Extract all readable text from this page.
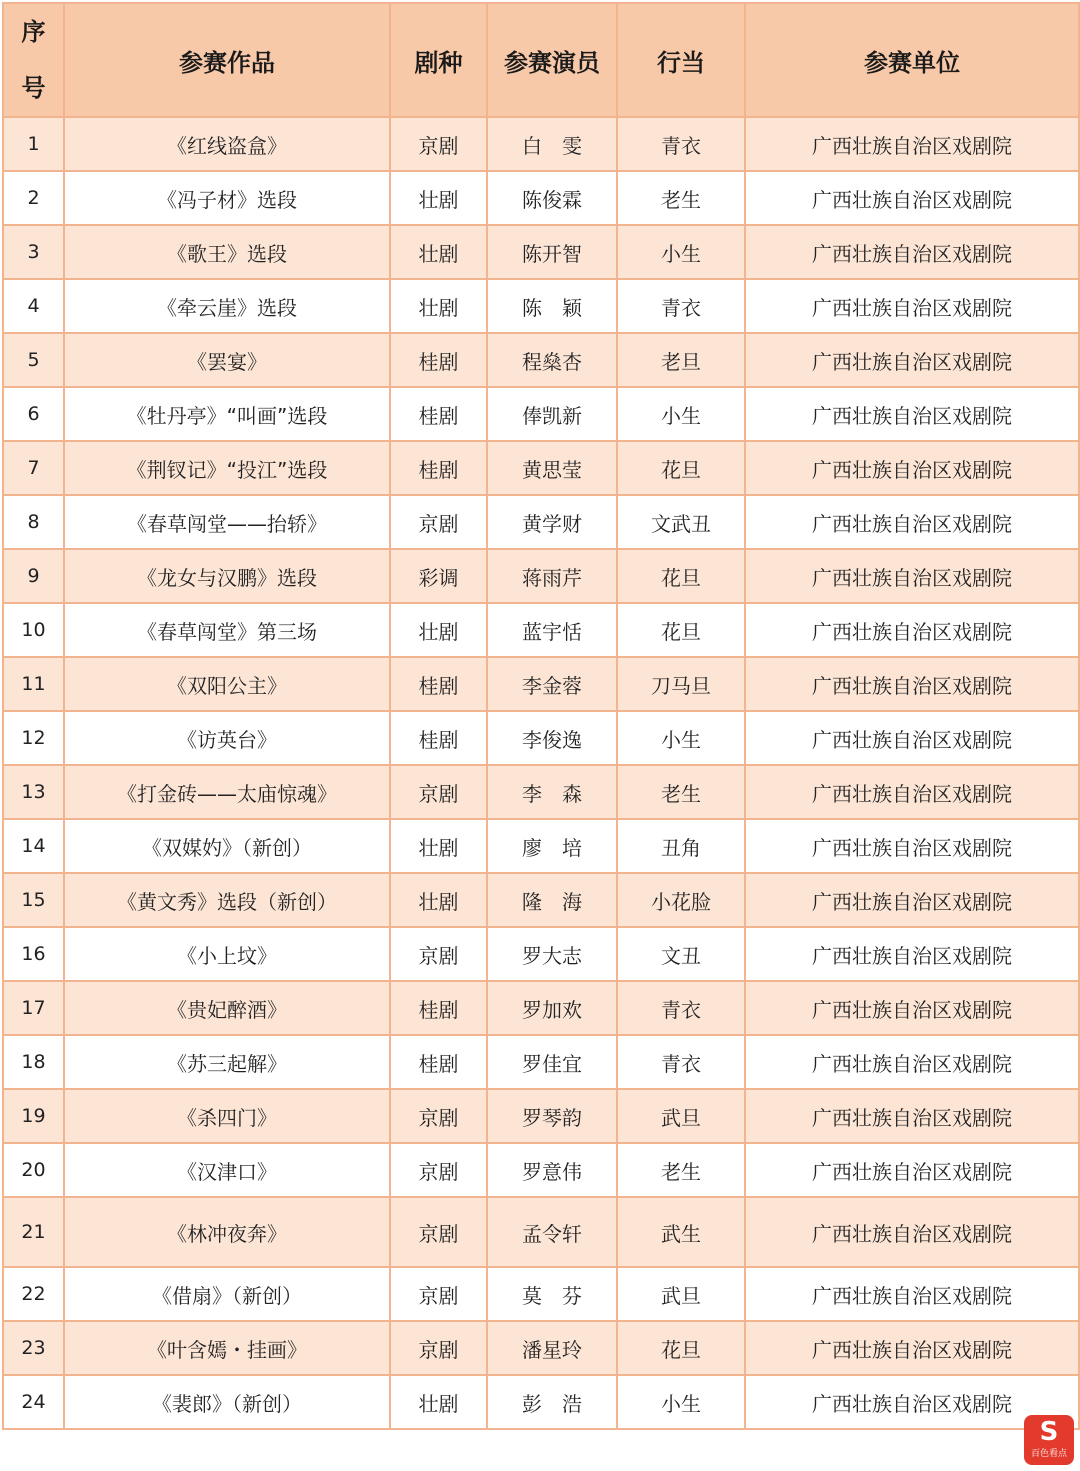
序号	参赛作品	剧种	参赛演员	行当	参赛单位
1	《红线盗盒》	京剧	白　雯	青衣	广西壮族自治区戏剧院
2	《冯子材》选段	壮剧	陈俊霖	老生	广西壮族自治区戏剧院
3	《歌王》选段	壮剧	陈开智	小生	广西壮族自治区戏剧院
4	《牵云崖》选段	壮剧	陈　颖	青衣	广西壮族自治区戏剧院
5	《罢宴》	桂剧	程燊杏	老旦	广西壮族自治区戏剧院
6	《牡丹亭》“叫画”选段	桂剧	俸凯新	小生	广西壮族自治区戏剧院
7	《荆钗记》“投江”选段	桂剧	黄思莹	花旦	广西壮族自治区戏剧院
8	《春草闯堂——抬轿》	京剧	黄学财	文武丑	广西壮族自治区戏剧院
9	《龙女与汉鹏》选段	彩调	蒋雨芹	花旦	广西壮族自治区戏剧院
10	《春草闯堂》第三场	壮剧	蓝宇恬	花旦	广西壮族自治区戏剧院
11	《双阳公主》	桂剧	李金蓉	刀马旦	广西壮族自治区戏剧院
12	《访英台》	桂剧	李俊逸	小生	广西壮族自治区戏剧院
13	《打金砖——太庙惊魂》	京剧	李　森	老生	广西壮族自治区戏剧院
14	《双媒妁》（新创）	壮剧	廖　培	丑角	广西壮族自治区戏剧院
15	《黄文秀》选段（新创）	壮剧	隆　海	小花脸	广西壮族自治区戏剧院
16	《小上坟》	京剧	罗大志	文丑	广西壮族自治区戏剧院
17	《贵妃醉酒》	桂剧	罗加欢	青衣	广西壮族自治区戏剧院
18	《苏三起解》	桂剧	罗佳宜	青衣	广西壮族自治区戏剧院
19	《杀四门》	京剧	罗琴韵	武旦	广西壮族自治区戏剧院
20	《汉津口》	京剧	罗意伟	老生	广西壮族自治区戏剧院
21	《林冲夜奔》	京剧	孟令轩	武生	广西壮族自治区戏剧院
22	《借扇》（新创）	京剧	莫　芬	武旦	广西壮族自治区戏剧院
23	《叶含嫣・挂画》	京剧	潘星玲	花旦	广西壮族自治区戏剧院
24	《裴郎》（新创）	壮剧	彭　浩	小生	广西壮族自治区戏剧院
S
百色看点
